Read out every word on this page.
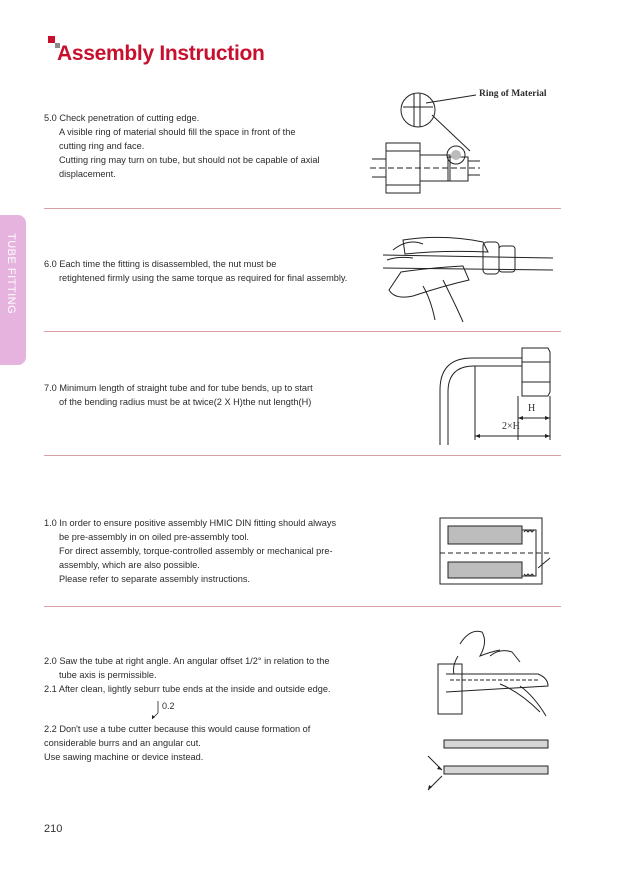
Assembly Instruction
TUBE FITTING

5.0 Check penetration of cutting edge.

A visible ring of material should fill the space in front of the

cutting ring and face.

Cutting ring may turn on tube, but should not be capable of axial

displacement.

Ring of Material

6.0 Each time the fitting is disassembled, the nut must be

retightened firmly using the same torque as required for final assembly.

7.0 Minimum length of straight tube and for tube bends, up to start

of the bending radius must be at twice(2 X H)the nut length(H)

H
2×H

1.0 In order to ensure positive assembly HMIC DIN fitting should always

be pre-assembly in on oiled pre-assembly tool.

For direct assembly, torque-controlled assembly or mechanical pre-

assembly, which are also possible.

Please refer to separate assembly instructions.

2.0 Saw the tube at right angle. An angular offset 1/2° in relation to the

tube axis is permissible.

2.1 After clean, lightly seburr tube ends at the inside and outside edge.

0.2

2.2 Don't use a tube cutter because this would cause formation of

considerable burrs and an angular cut.

Use sawing machine or device instead.

210
